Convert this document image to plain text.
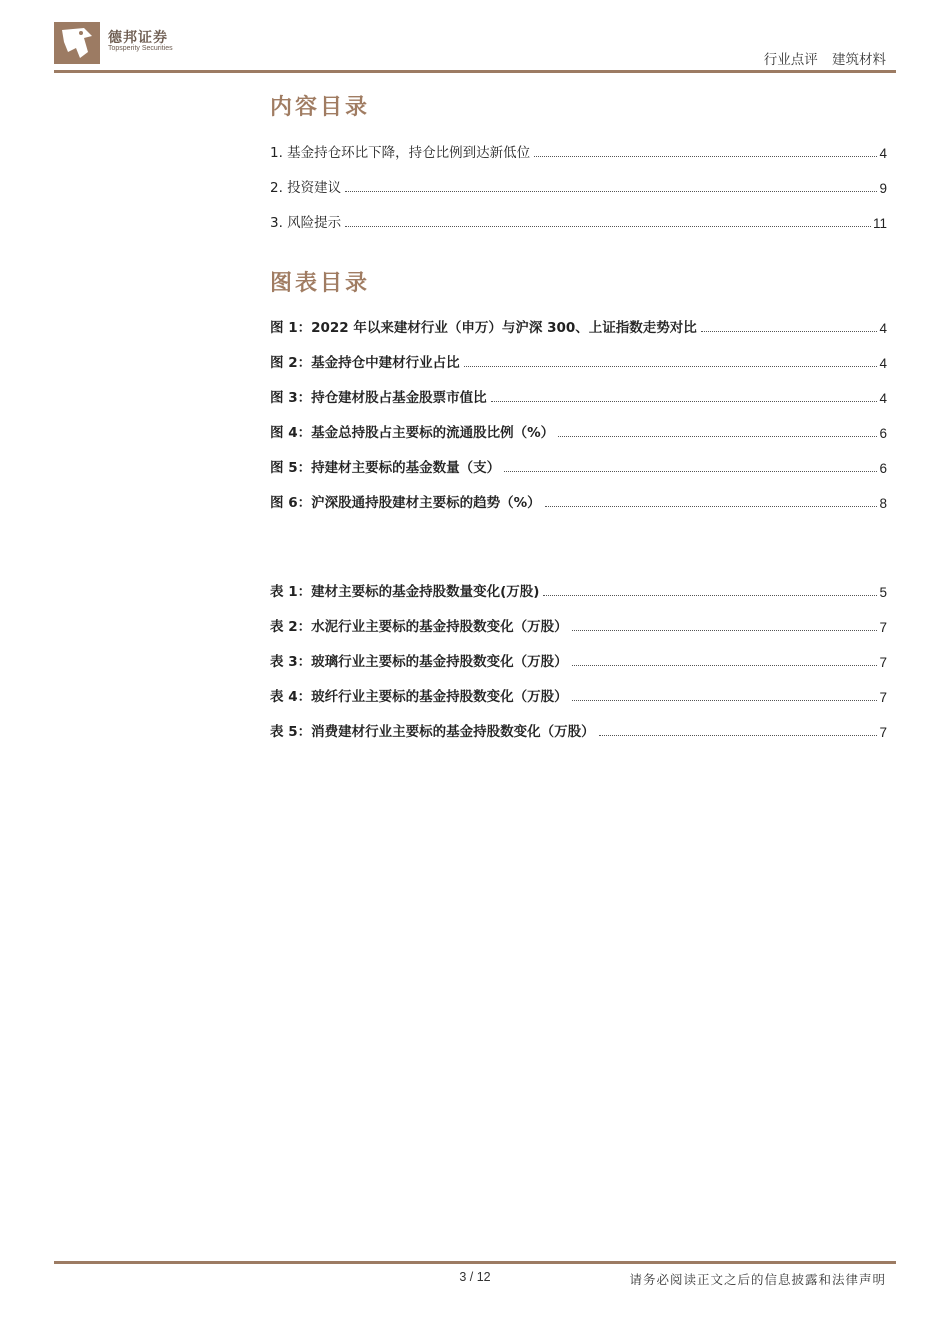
德邦证券
Topsperity Securities
行业点评 建筑材料
内容目录
1. 基金持仓环比下降，持仓比例到达新低位	4
2. 投资建议	9
3. 风险提示	11
图表目录
图 1：2022 年以来建材行业（申万）与沪深 300、上证指数走势对比	4
图 2：基金持仓中建材行业占比	4
图 3：持仓建材股占基金股票市值比	4
图 4：基金总持股占主要标的流通股比例（%）	6
图 5：持建材主要标的基金数量（支）	6
图 6：沪深股通持股建材主要标的趋势（%）	8
表 1：建材主要标的基金持股数量变化(万股)	5
表 2：水泥行业主要标的基金持股数变化（万股）	7
表 3：玻璃行业主要标的基金持股数变化（万股）	7
表 4：玻纤行业主要标的基金持股数变化（万股）	7
表 5：消费建材行业主要标的基金持股数变化（万股）	7
3 / 12	请务必阅读正文之后的信息披露和法律声明
